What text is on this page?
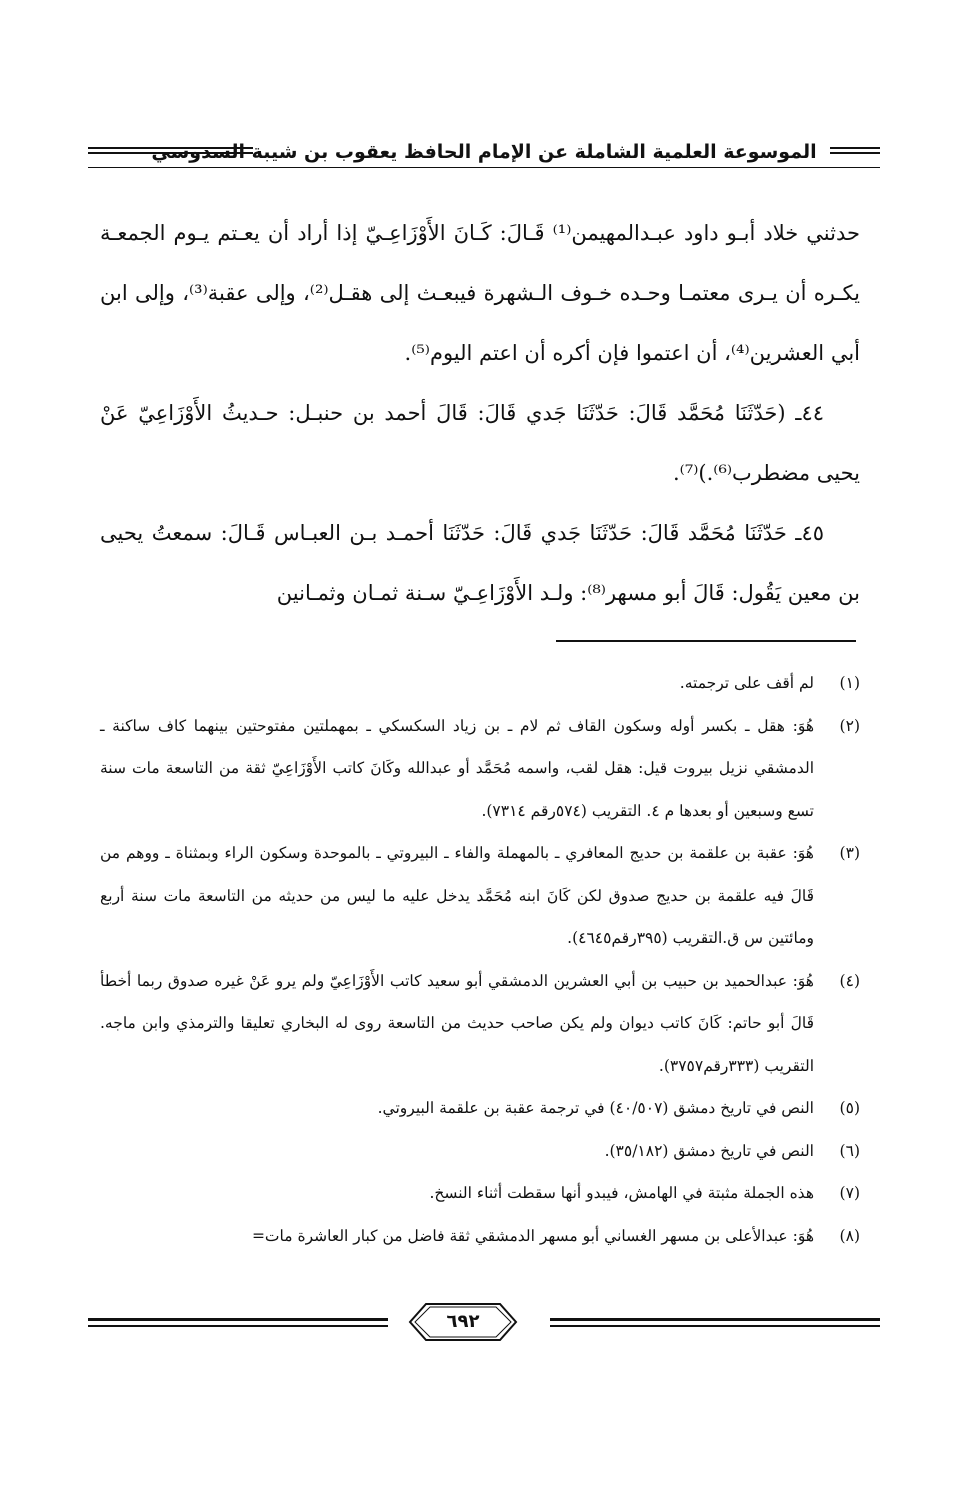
الموسوعة العلمية الشاملة عن الإمام الحافظ يعقوب بن شيبة السدوسي

حدثني خلاد أبـو داود عبـدالمهيمن⁽¹⁾ قَـالَ: كَـانَ الأَوْزَاعِـيّ إذا أراد أن يعـتم يـوم الجمعـة يكـره أن يـرى معتمـا وحـده خـوف الـشهرة فيبعـث إلى هقـل⁽²⁾، وإلى عقبة⁽³⁾، وإلى ابن أبي العشرين⁽⁴⁾، أن اعتموا فإن أكره أن اعتم اليوم⁽⁵⁾.

٤٤ـ (حَدّثَنَا مُحَمَّد قَالَ: حَدّثَنَا جَدي قَالَ: قَالَ أحمد بن حنبـل: حـديثُ الأَوْزَاعِيّ عَنْ يحيى مضطرب⁽⁶⁾.)⁽⁷⁾.

٤٥ـ حَدّثَنَا مُحَمَّد قَالَ: حَدّثَنَا جَدي قَالَ: حَدّثَنَا أحمـد بـن العبـاس قَـالَ: سمعتُ يحيى بن معين يَقُول: قَالَ أبو مسهر⁽⁸⁾: ولـد الأَوْزَاعِـيّ سـنة ثمـان وثمـانين

(١)
لم أقف على ترجمته.
(٢)
هُوَ: هقل ـ بكسر أوله وسكون القاف ثم لام ـ بن زياد السكسكي ـ بمهملتين مفتوحتين بينهما كاف ساكنة ـ الدمشقي نزيل بيروت قيل: هقل لقب، واسمه مُحَمَّد أو عبدالله وكَانَ كاتب الأَوْزَاعِيّ ثقة من التاسعة مات سنة تسع وسبعين أو بعدها م ٤. التقريب (٥٧٤رقم ٧٣١٤).
(٣)
هُوَ: عقبة بن علقمة بن حديج المعافري ـ بالمهملة والفاء ـ البيروتي ـ بالموحدة وسكون الراء وبمثناة ـ ووهم من قَالَ فيه علقمة بن حديج صدوق لكن كَانَ ابنه مُحَمَّد يدخل عليه ما ليس من حديثه من التاسعة مات سنة أربع ومائتين س ق.التقريب (٣٩٥رقم٤٦٤٥).
(٤)
هُوَ: عبدالحميد بن حبيب بن أبي العشرين الدمشقي أبو سعيد كاتب الأَوْزَاعِيّ ولم يرو عَنْ غيره صدوق ربما أخطأ قَالَ أبو حاتم: كَانَ كاتب ديوان ولم يكن صاحب حديث من التاسعة روى له البخاري تعليقا والترمذي وابن ماجه. التقريب (٣٣٣رقم٣٧٥٧).
(٥)
النص في تاريخ دمشق (٤٠/٥٠٧) في ترجمة عقبة بن علقمة البيروتي.
(٦)
النص في تاريخ دمشق (٣٥/١٨٢).
(٧)
هذه الجملة مثبتة في الهامش، فيبدو أنها سقطت أثناء النسخ.
(٨)
هُوَ: عبدالأعلى بن مسهر الغساني أبو مسهر الدمشقي ثقة فاضل من كبار العاشرة مات=
٦٩٢
